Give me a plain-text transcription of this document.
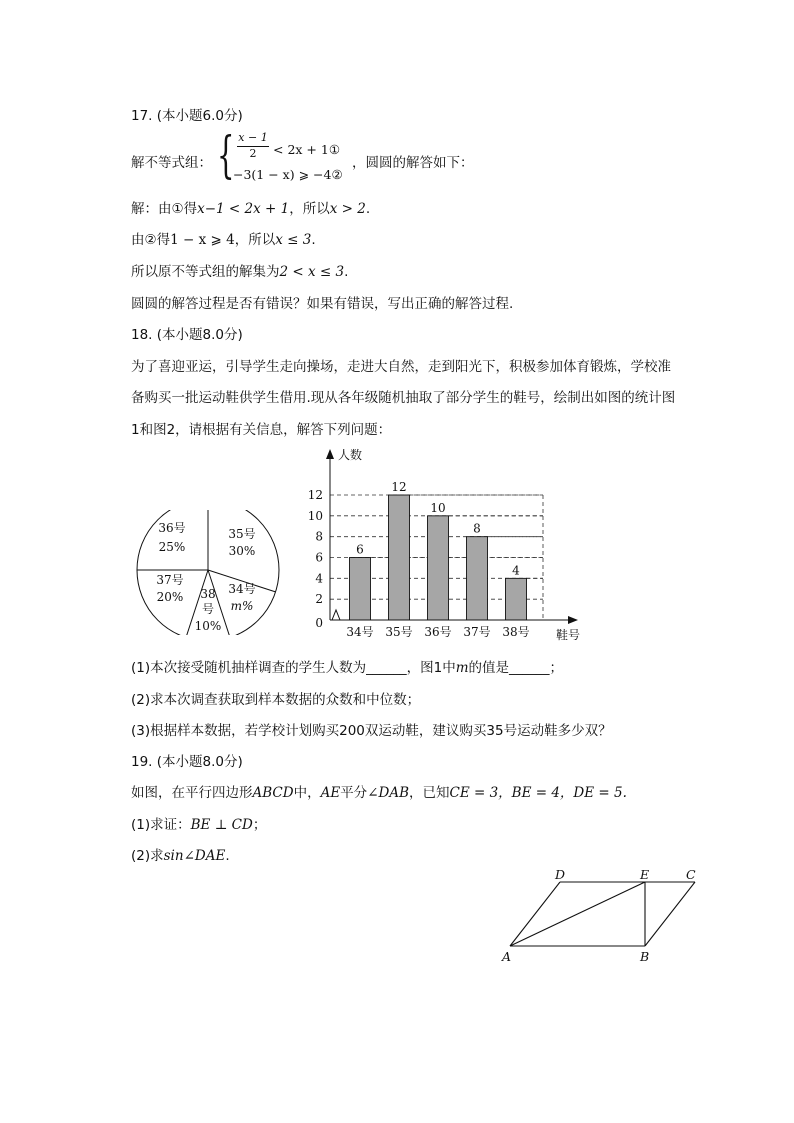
17. (本小题6.0分)
解不等式组： { $\frac{x - 1}{2} < 2x$ + 1①
−3(1 − x) ⩾ −4②
，圆圆的解答如下：
解：由①得x−1 < 2x + 1，所以x > 2.
由②得1 − x ⩾ 4，所以x ≤ 3.
所以原不等式组的解集为2 < x ≤ 3.
圆圆的解答过程是否有错误？如果有错误，写出正确的解答过程.
18. (本小题8.0分)
为了喜迎亚运，引导学生走向操场，走进大自然，走到阳光下，积极参加体育锻炼，学校准
备购买一批运动鞋供学生借用.现从各年级随机抽取了部分学生的鞋号，绘制出如图的统计图
1和图2，请根据有关信息，解答下列问题：
36号
25%
35号
30%
34号
m%
38
号
10%
37号
20%
0
2
4
6
8
10
12
6
34号
12
35号
10
36号
8
37号
4
38号
人数
鞋号
(1)本次接受随机抽样调查的学生人数为______，图1中m的值是______；
(2)求本次调查获取到样本数据的众数和中位数；
(3)根据样本数据，若学校计划购买200双运动鞋，建议购买35号运动鞋多少双？
19. (本小题8.0分)
如图，在平行四边形ABCD中，AE平分∠DAB，已知CE = 3，BE = 4，DE = 5.
(1)求证：BE ⊥ CD；
(2)求sin∠DAE.
D	E	C
A	B
